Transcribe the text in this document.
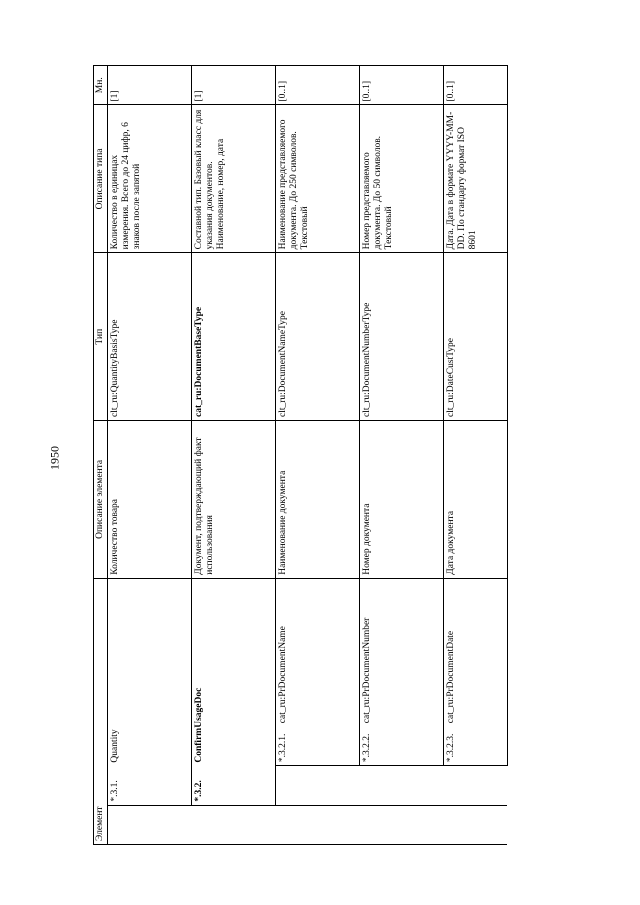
1950
Элемент				Описание элемента	Тип	Описание типа	Мн.
	*.3.1.	Quantity		Количество товара	clt_ru:QuantityBasisType	Количество в единицах измерения. Всего до 24 цифр, 6 знаков после запятой	[1]
	*.3.2.	ConfirmUsageDoc		Документ, подтверждающий факт использования	cat_ru:DocumentBaseType	Составной тип. Базовый класс для указания документов. Наименование, номер, дата	[1]
		*.3.2.1.	cat_ru:PrDocumentName	Наименование документа	clt_ru:DocumentNameType	Наименование представляемого документа. До 250 символов. Текстовый	[0..1]
		*.3.2.2.	cat_ru:PrDocumentNumber	Номер документа	clt_ru:DocumentNumberType	Номер представляемого документа. До 50 символов. Текстовый	[0..1]
		*.3.2.3.	cat_ru:PrDocumentDate	Дата документа	clt_ru:DateCustType	Дата. Дата в формате YYYY-MM-DD. По стандарту формат ISO 8601	[0..1]
